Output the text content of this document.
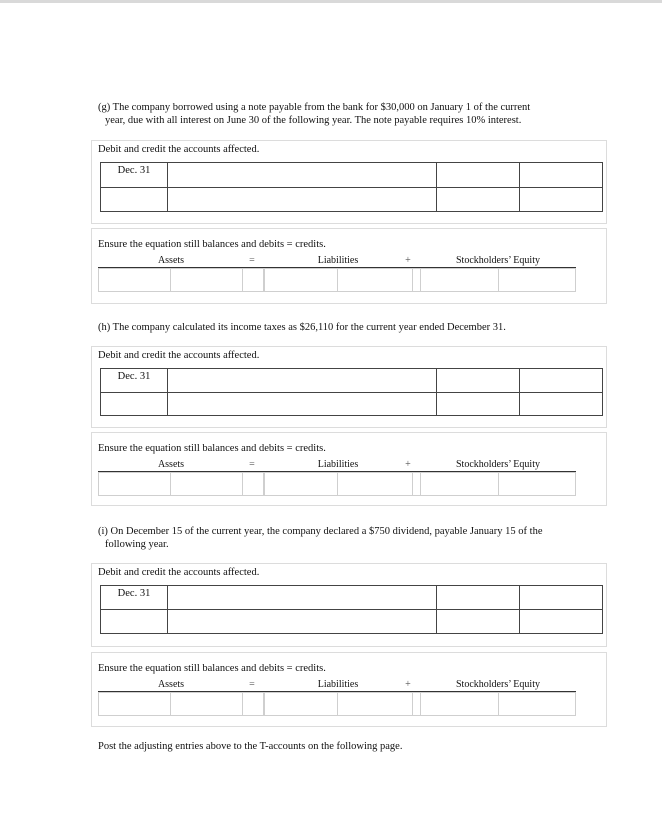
(g) The company borrowed using a note payable from the bank for $30,000 on January 1 of the current
year, due with all interest on June 30 of the following year. The note payable requires 10% interest.
Debit and credit the accounts affected.
Dec. 31			

Ensure the equation still balances and debits = credits.
Assets	=	Liabilities	+	Stockholders’ Equity
(h) The company calculated its income taxes as $26,110 for the current year ended December 31.
Debit and credit the accounts affected.
Dec. 31			

Ensure the equation still balances and debits = credits.
Assets	=	Liabilities	+	Stockholders’ Equity
(i) On December 15 of the current year, the company declared a $750 dividend, payable January 15 of the
following year.
Debit and credit the accounts affected.
Dec. 31			

Ensure the equation still balances and debits = credits.
Assets	=	Liabilities	+	Stockholders’ Equity
Post the adjusting entries above to the T-accounts on the following page.
